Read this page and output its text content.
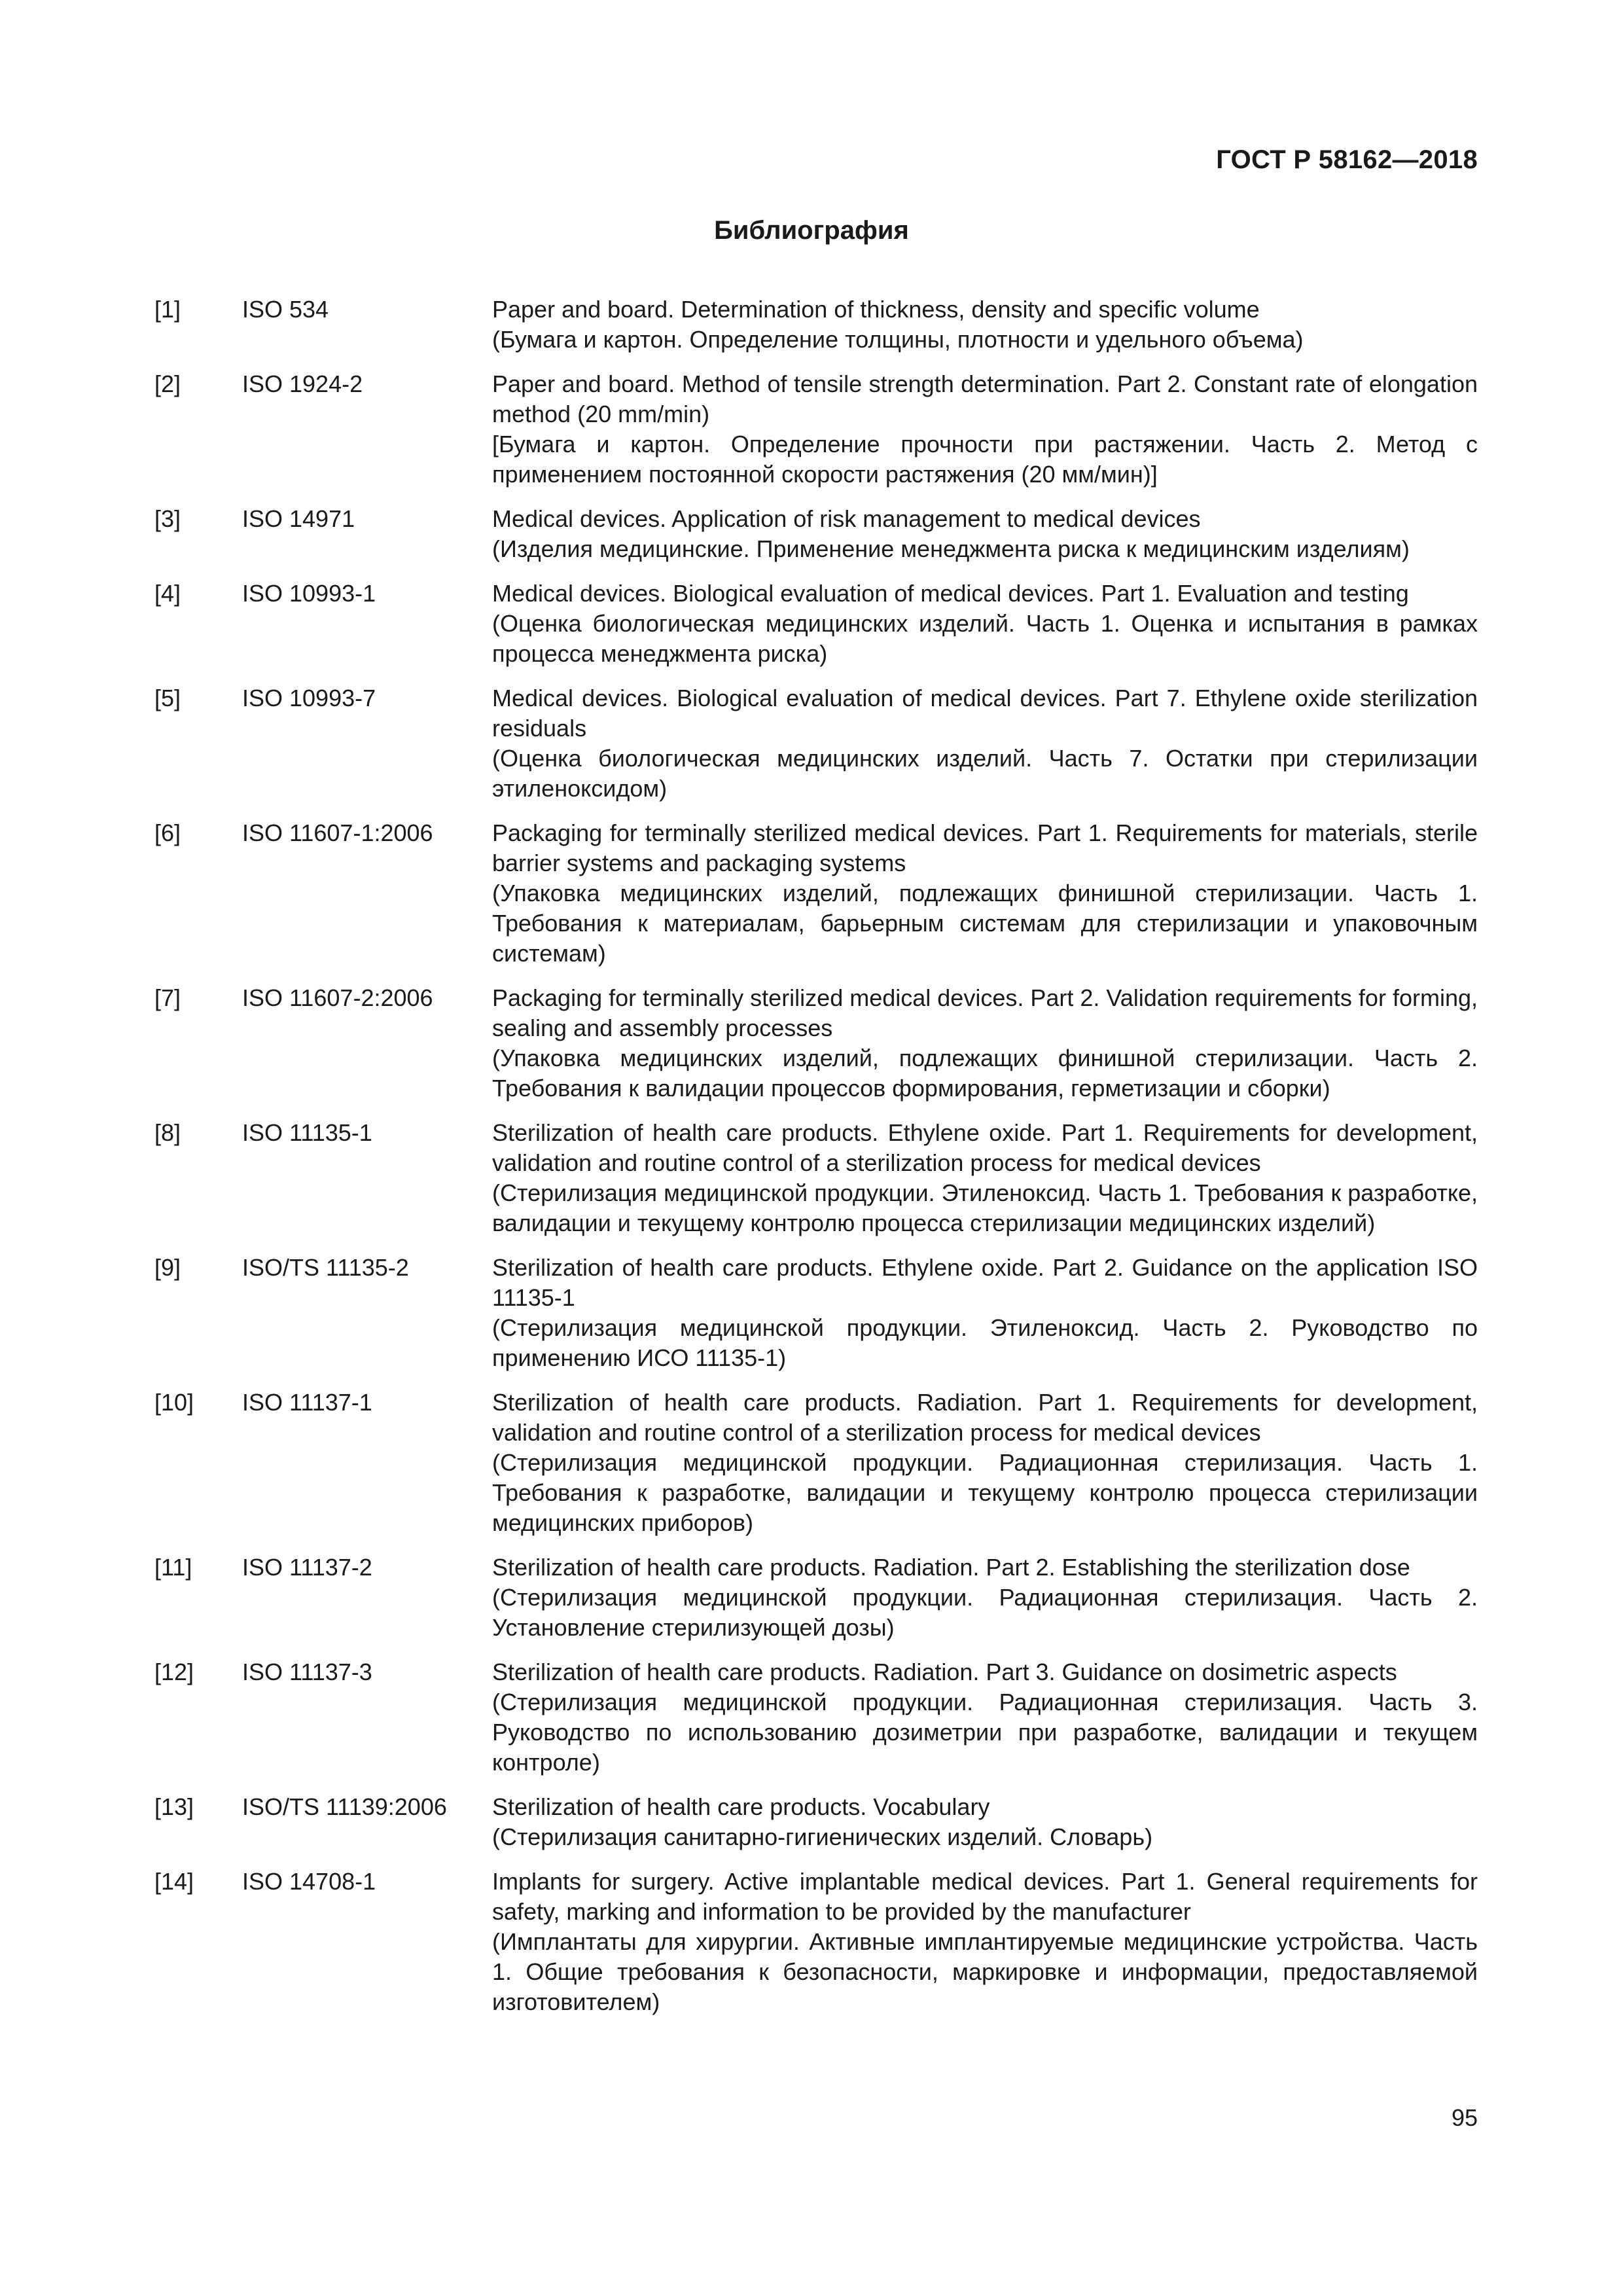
ГОСТ Р 58162—2018
Библиография
[1]	ISO 534	Paper and board. Determination of thickness, density and specific volume
(Бумага и картон. Определение толщины, плотности и удельного объема)
[2]	ISO 1924-2	Paper and board. Method of tensile strength determination. Part 2. Constant rate of elongation method (20 mm/min)
[Бумага и картон. Определение прочности при растяжении. Часть 2. Метод с применением постоянной скорости растяжения (20 мм/мин)]
[3]	ISO 14971	Medical devices. Application of risk management to medical devices
(Изделия медицинские. Применение менеджмента риска к медицинским изделиям)
[4]	ISO 10993-1	Medical devices. Biological evaluation of medical devices. Part 1. Evaluation and testing
(Оценка биологическая медицинских изделий. Часть 1. Оценка и испытания в рамках процесса менеджмента риска)
[5]	ISO 10993-7	Medical devices. Biological evaluation of medical devices. Part 7. Ethylene oxide sterilization residuals
(Оценка биологическая медицинских изделий. Часть 7. Остатки при стерилизации этиленоксидом)
[6]	ISO 11607-1:2006	Packaging for terminally sterilized medical devices. Part 1. Requirements for materials, sterile barrier systems and packaging systems
(Упаковка медицинских изделий, подлежащих финишной стерилизации. Часть 1. Требования к материалам, барьерным системам для стерилизации и упаковочным системам)
[7]	ISO 11607-2:2006	Packaging for terminally sterilized medical devices. Part 2. Validation requirements for forming, sealing and assembly processes
(Упаковка медицинских изделий, подлежащих финишной стерилизации. Часть 2. Требования к валидации процессов формирования, герметизации и сборки)
[8]	ISO 11135-1	Sterilization of health care products. Ethylene oxide. Part 1. Requirements for development, validation and routine control of a sterilization process for medical devices
(Стерилизация медицинской продукции. Этиленоксид. Часть 1. Требования к разработке, валидации и текущему контролю процесса стерилизации медицинских изделий)
[9]	ISO/TS 11135-2	Sterilization of health care products. Ethylene oxide. Part 2. Guidance on the application ISO 11135-1
(Стерилизация медицинской продукции. Этиленоксид. Часть 2. Руководство по применению ИСО 11135-1)
[10]	ISO 11137-1	Sterilization of health care products. Radiation. Part 1. Requirements for development, validation and routine control of a sterilization process for medical devices
(Стерилизация медицинской продукции. Радиационная стерилизация. Часть 1. Требования к разработке, валидации и текущему контролю процесса стерилизации медицинских приборов)
[11]	ISO 11137-2	Sterilization of health care products. Radiation. Part 2. Establishing the sterilization dose
(Стерилизация медицинской продукции. Радиационная стерилизация. Часть 2. Установление стерилизующей дозы)
[12]	ISO 11137-3	Sterilization of health care products. Radiation. Part 3. Guidance on dosimetric aspects
(Стерилизация медицинской продукции. Радиационная стерилизация. Часть 3. Руководство по использованию дозиметрии при разработке, валидации и текущем контроле)
[13]	ISO/TS 11139:2006	Sterilization of health care products. Vocabulary
(Стерилизация санитарно-гигиенических изделий. Словарь)
[14]	ISO 14708-1	Implants for surgery. Active implantable medical devices. Part 1. General requirements for safety, marking and information to be provided by the manufacturer
(Имплантаты для хирургии. Активные имплантируемые медицинские устройства. Часть 1. Общие требования к безопасности, маркировке и информации, предоставляемой изготовителем)
95
